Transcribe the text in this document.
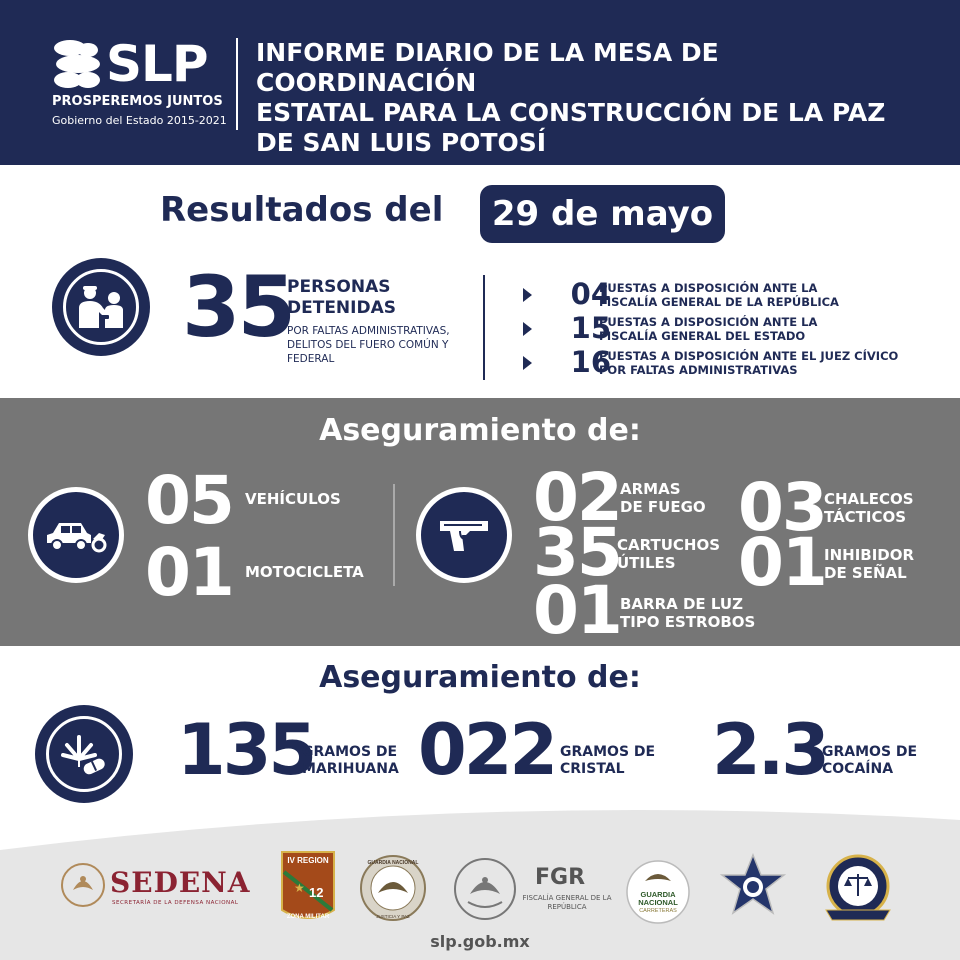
SLP
PROSPEREMOS JUNTOS
Gobierno del Estado 2015-2021
INFORME DIARIO DE LA MESA DE COORDINACIÓN
ESTATAL PARA LA CONSTRUCCIÓN DE LA PAZ
DE SAN LUIS POTOSÍ
Resultados del	29 de mayo
35
PERSONAS DETENIDAS
POR FALTAS ADMINISTRATIVAS, DELITOS DEL FUERO COMÚN Y FEDERAL
04
PUESTAS A DISPOSICIÓN ANTE LA
FISCALÍA GENERAL DE LA REPÚBLICA
15
PUESTAS A DISPOSICIÓN ANTE LA
FISCALÍA GENERAL DEL ESTADO
16
PUESTAS A DISPOSICIÓN ANTE EL JUEZ CÍVICO
POR FALTAS ADMINISTRATIVAS
Aseguramiento de:
05 VEHÍCULOS
01 MOTOCICLETA
02 ARMAS
DE FUEGO
35
CARTUCHOS
ÚTILES
01 BARRA DE LUZ
TIPO ESTROBOS
03
CHALECOS
TÁCTICOS
01
INHIBIDOR
DE SEÑAL
Aseguramiento de:
135
GRAMOS DE
MARIHUANA 022 GRAMOS DE
CRISTAL	2.3
GRAMOS DE
COCAÍNA
SEDENA
SECRETARÍA DE LA DEFENSA NACIONAL
IV REGION
★ 12
ZONA MILITAR
GUARDIA NACIONAL
JUSTICIA Y PAZ
FGR
FISCALÍA GENERAL DE LA REPÚBLICA
GUARDIA
NACIONAL
CARRETERAS
slp.gob.mx
